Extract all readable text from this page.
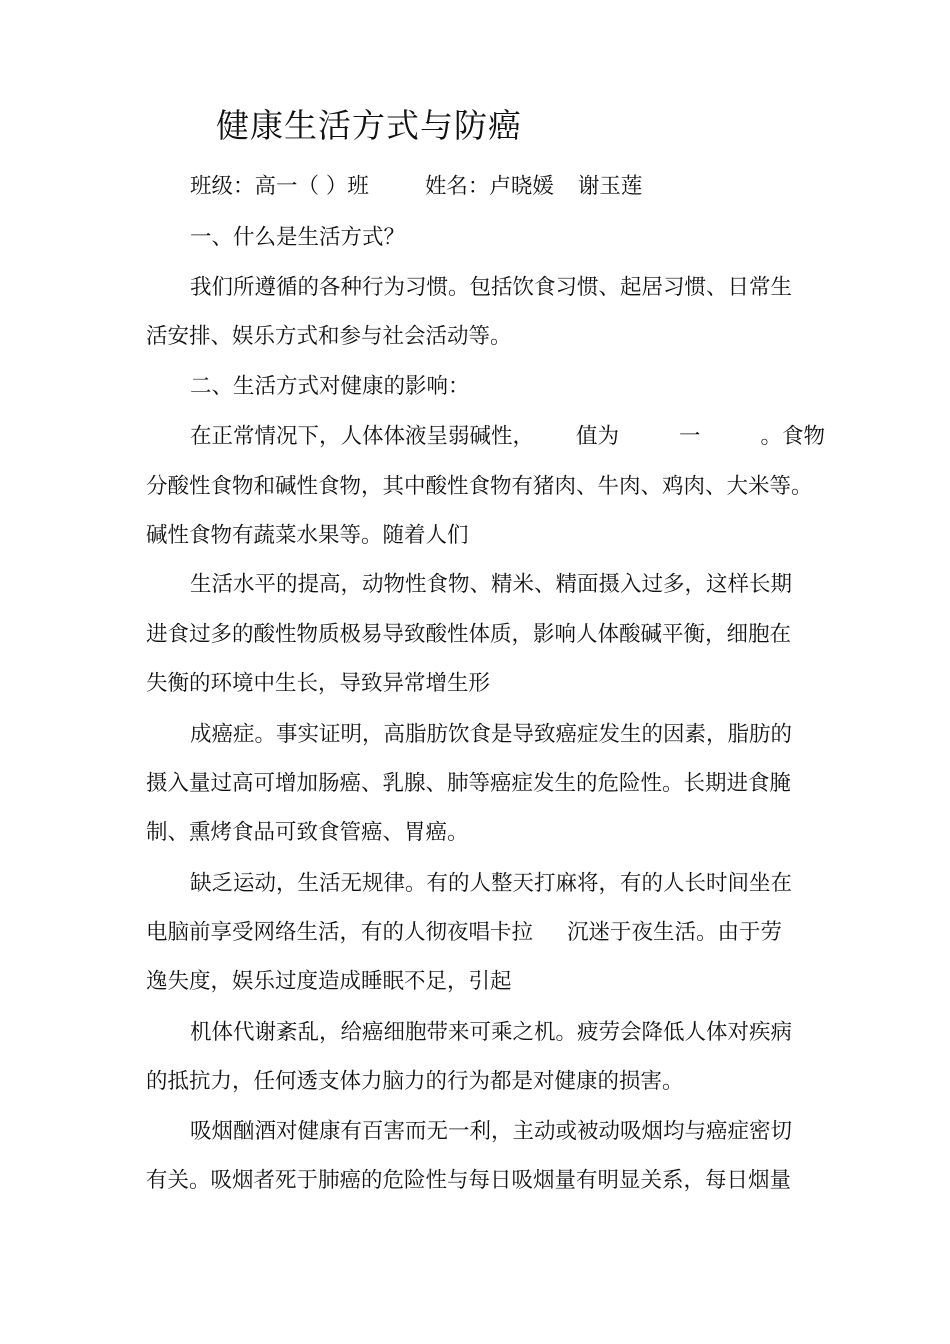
健康生活方式与防癌
班级：高一（ ）班	姓名：卢晓媛 谢玉莲
一、什么是生活方式？
我们所遵循的各种行为习惯。包括饮食习惯、起居习惯、日常生
活安排、娱乐方式和参与社会活动等。
二、生活方式对健康的影响：
在正常情况下，人体体液呈弱碱性， 值为	一	。食物
分酸性食物和碱性食物，其中酸性食物有猪肉、牛肉、鸡肉、大米等。
碱性食物有蔬菜水果等。随着人们
生活水平的提高，动物性食物、精米、精面摄入过多，这样长期
进食过多的酸性物质极易导致酸性体质，影响人体酸碱平衡，细胞在
失衡的环境中生长，导致异常增生形
成癌症。事实证明，高脂肪饮食是导致癌症发生的因素，脂肪的
摄入量过高可增加肠癌、乳腺、肺等癌症发生的危险性。长期进食腌
制、熏烤食品可致食管癌、胃癌。
缺乏运动，生活无规律。有的人整天打麻将，有的人长时间坐在
电脑前享受网络生活，有的人彻夜唱卡拉 沉迷于夜生活。由于劳
逸失度，娱乐过度造成睡眠不足，引起
机体代谢紊乱，给癌细胞带来可乘之机。疲劳会降低人体对疾病
的抵抗力，任何透支体力脑力的行为都是对健康的损害。
吸烟酗酒对健康有百害而无一利，主动或被动吸烟均与癌症密切
有关。吸烟者死于肺癌的危险性与每日吸烟量有明显关系，每日烟量
